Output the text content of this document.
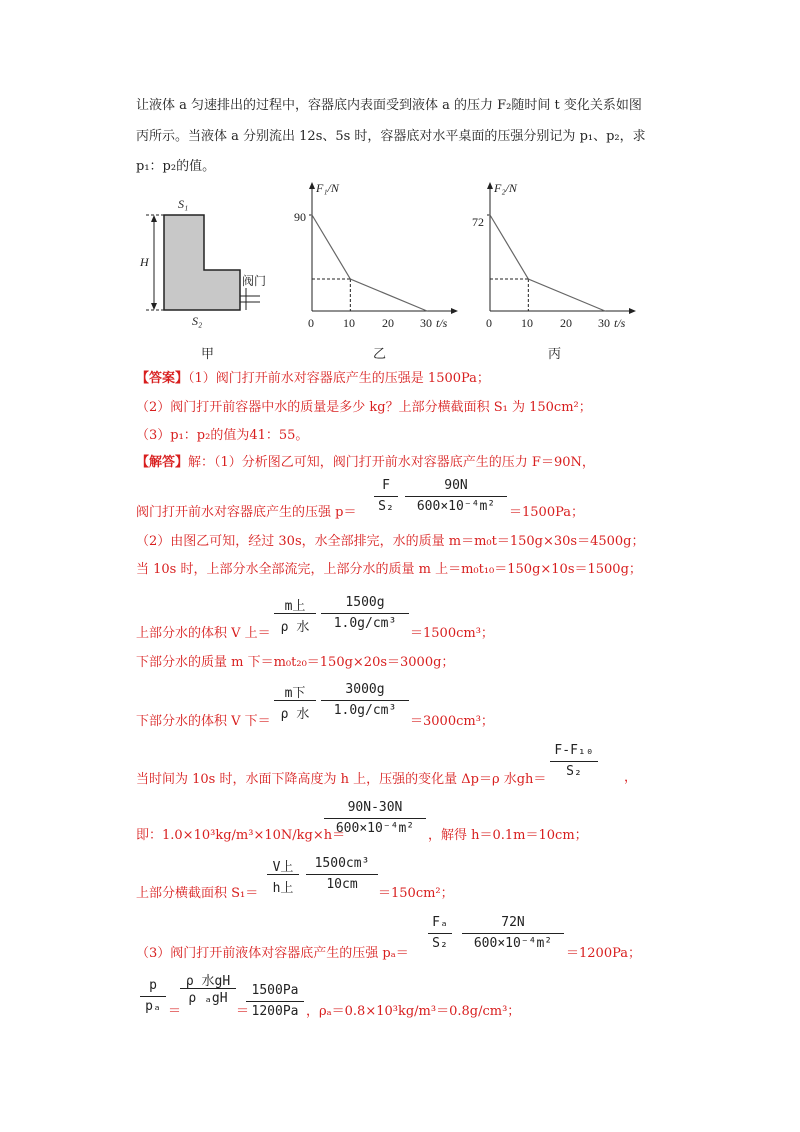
让液体 a 匀速排出的过程中，容器底内表面受到液体 a 的压力 F₂随时间 t 变化关系如图
丙所示。当液体 a 分别流出 12s、5s 时，容器底对水平桌面的压强分别记为 p₁、p₂，求
p₁：p₂的值。
S₁
S₂
H
阀门
甲
F₁/N
t/s
90
0 10 20 30
乙
F₂/N
t/s
72
0 10 20 30
丙
【答案】（1）阀门打开前水对容器底产生的压强是 1500Pa；
（2）阀门打开前容器中水的质量是多少 kg？上部分横截面积 S₁ 为 150cm²；
（3）p₁：p₂的值为41：55。
【解答】解：（1）分析图乙可知，阀门打开前水对容器底产生的压力 F＝90N，
阀门打开前水对容器底产生的压强 p＝
F
S₂
90N
600×10⁻⁴m²	＝1500Pa；
（2）由图乙可知，经过 30s，水全部排完，水的质量 m＝m₀t＝150g×30s＝4500g；
当 10s 时，上部分水全部流完，上部分水的质量 m 上＝m₀t₁₀＝150g×10s＝1500g；
上部分水的体积 V 上＝
m上
ρ 水
1500g
1.0g/cm³
＝1500cm³；
下部分水的质量 m 下＝m₀t₂₀＝150g×20s＝3000g；
下部分水的体积 V 下＝
m下
ρ 水
3000g
1.0g/cm³
＝3000cm³；
当时间为 10s 时，水面下降高度为 h 上，压强的变化量 Δp＝ρ 水gh＝
F-F₁₀
S₂	，
即：1.0×10³kg/m³×10N/kg×h＝
90N-30N
600×10⁻⁴m²	，解得 h＝0.1m＝10cm；
上部分横截面积 S₁＝
V上
h上
1500cm³
10cm
＝150cm²；
（3）阀门打开前液体对容器底产生的压强 pₐ＝
Fₐ
S₂
72N
600×10⁻⁴m²
＝1200Pa；
p
pₐ ＝
ρ 水gH
ρ ₐgH
＝
1500Pa
1200Pa ，ρₐ＝0.8×10³kg/m³＝0.8g/cm³；
